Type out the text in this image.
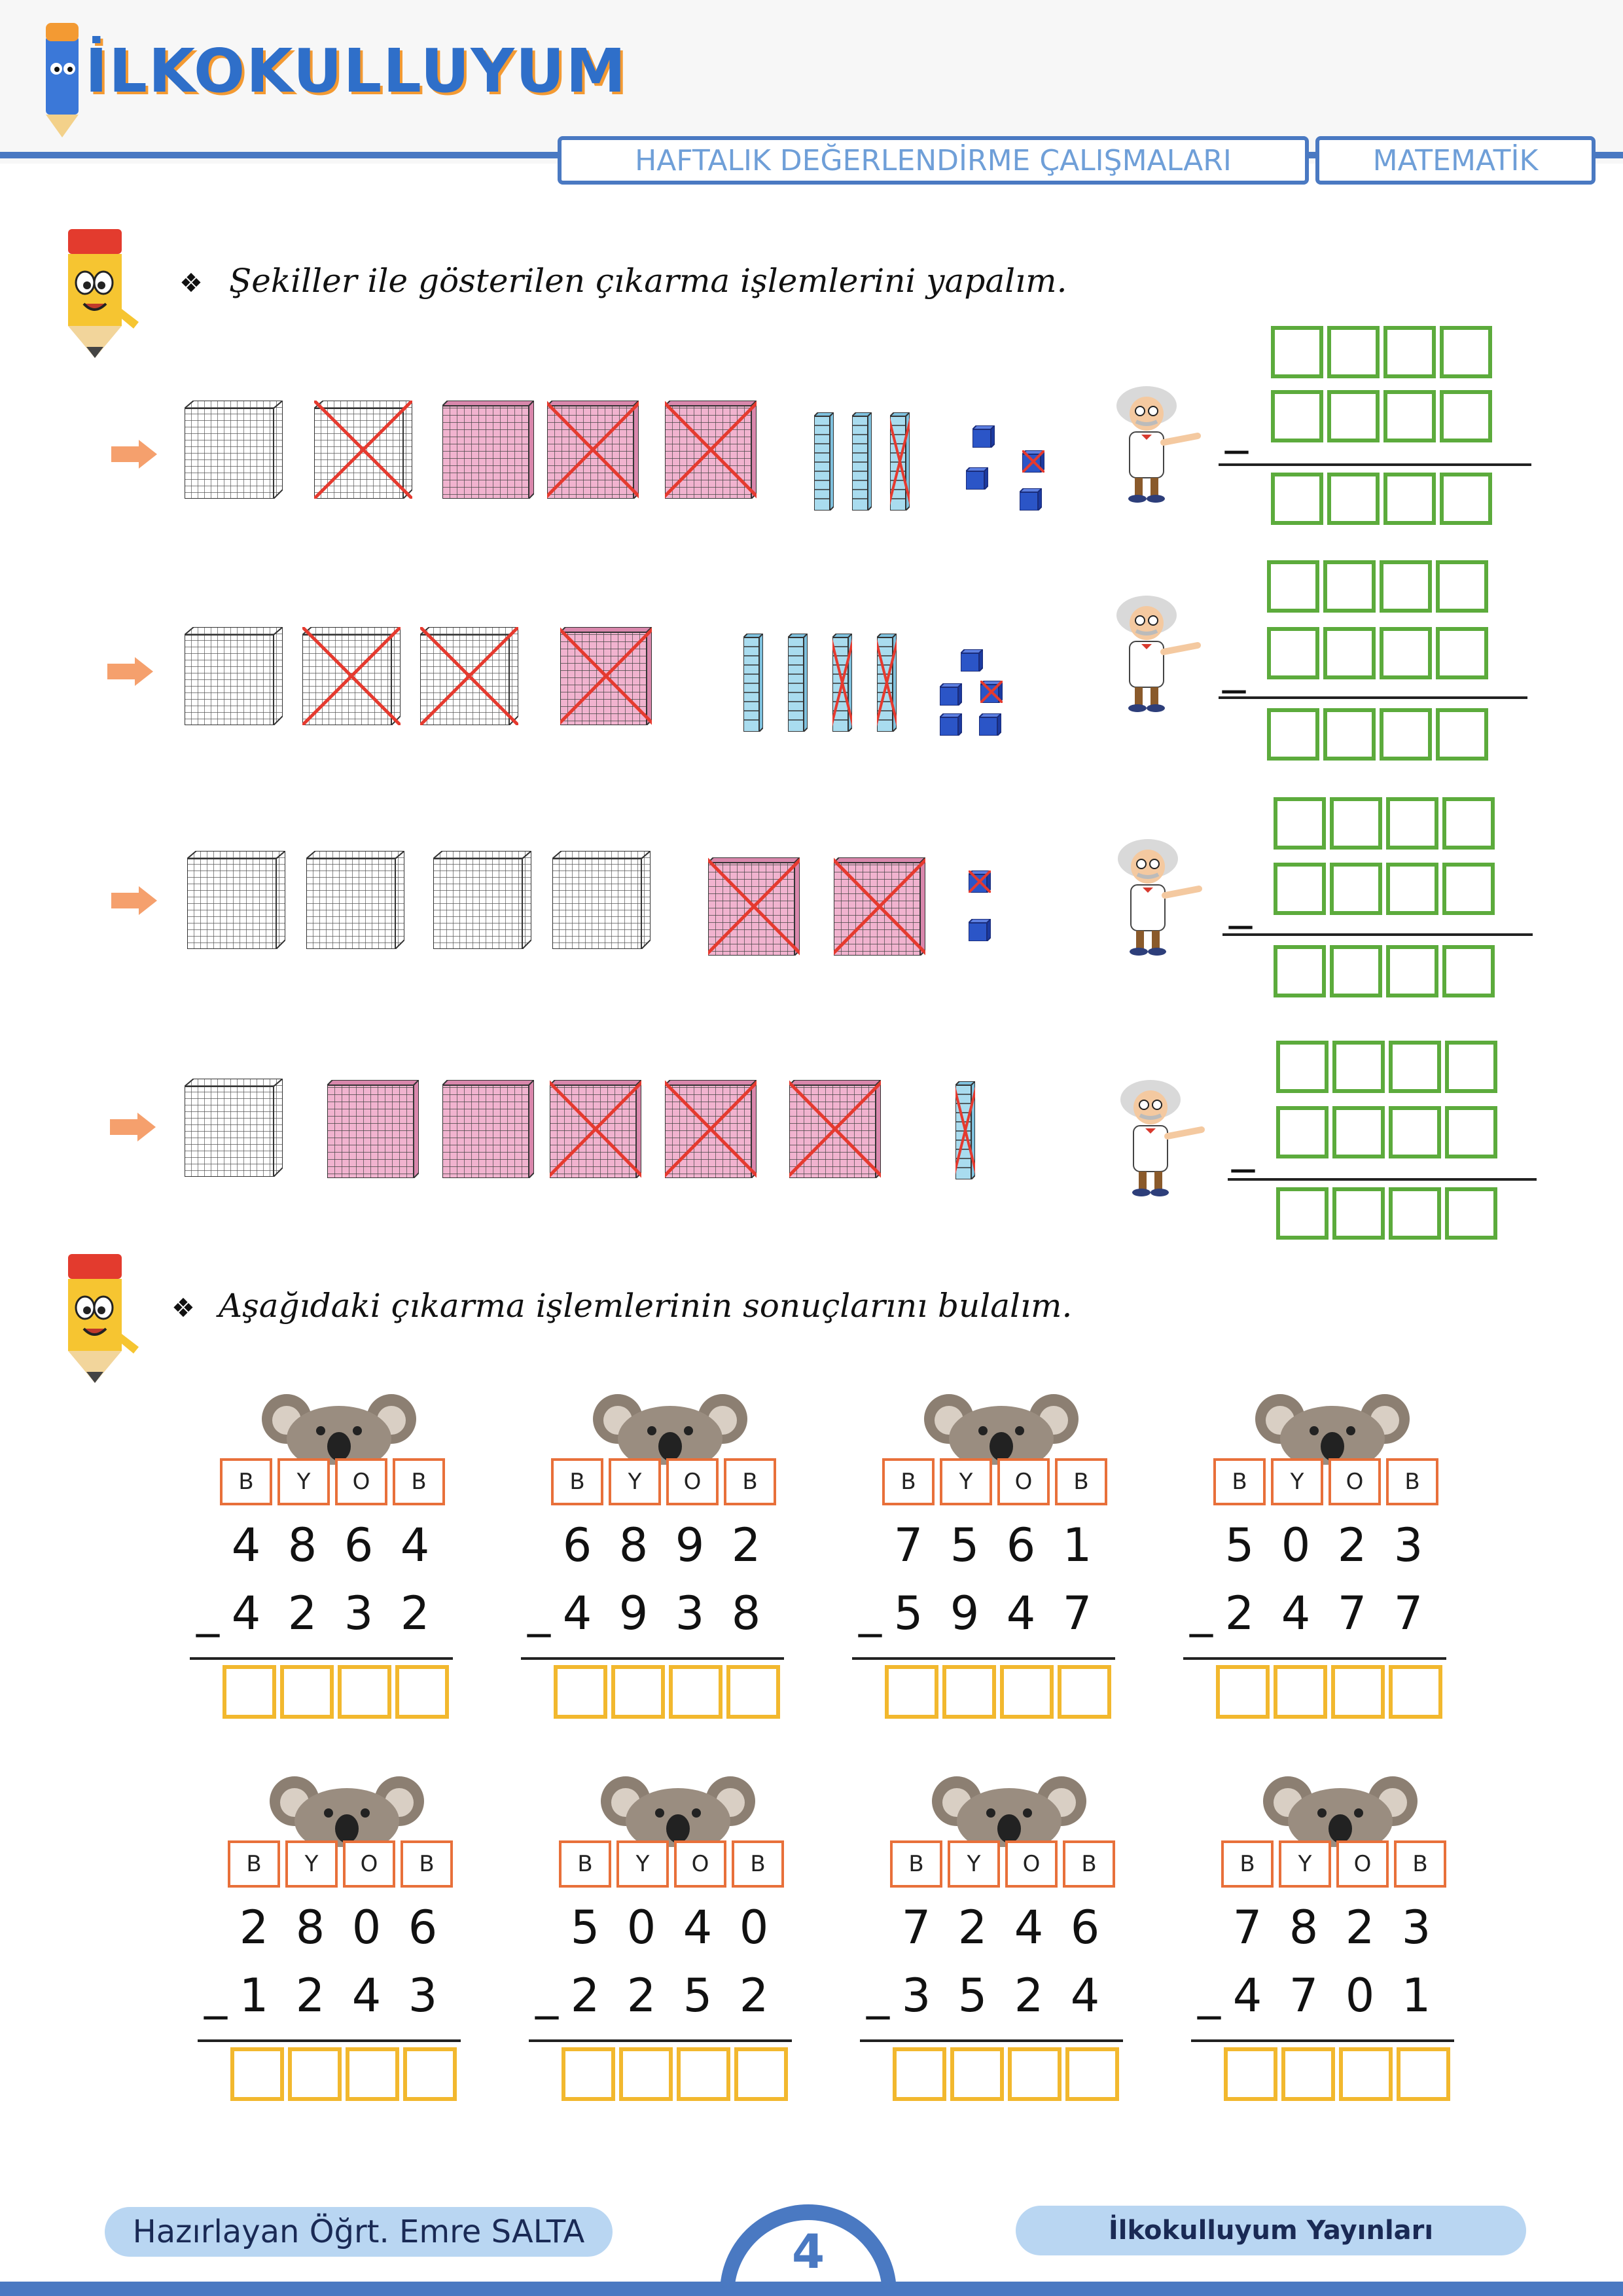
İLKOKULLUYUM
HAFTALIK DEĞERLENDİRME ÇALIŞMALARI	MATEMATİK
❖ Şekiller ile gösterilen çıkarma işlemlerini yapalım.
_
_
_
_
❖ Aşağıdaki çıkarma işlemlerinin sonuçlarını bulalım.
B	Y	O	B
4 8 6 4
_ 4 2 3 2
B	Y	O	B
6 8 9 2
_ 4 9 3 8
B	Y	O	B
7 5 6 1
_ 5 9 4 7
B	Y	O	B
5 0 2 3
_ 2 4 7 7
B	Y	O	B
2 8 0 6
_ 1 2 4 3
B	Y	O	B
5 0 4 0
_ 2 2 5 2
B	Y	O	B
7 2 4 6
_ 3 5 2 4
B	Y	O	B
7 8 2 3
_ 4 7 0 1
Hazırlayan Öğrt. Emre SALTA	4	İlkokulluyum Yayınları
